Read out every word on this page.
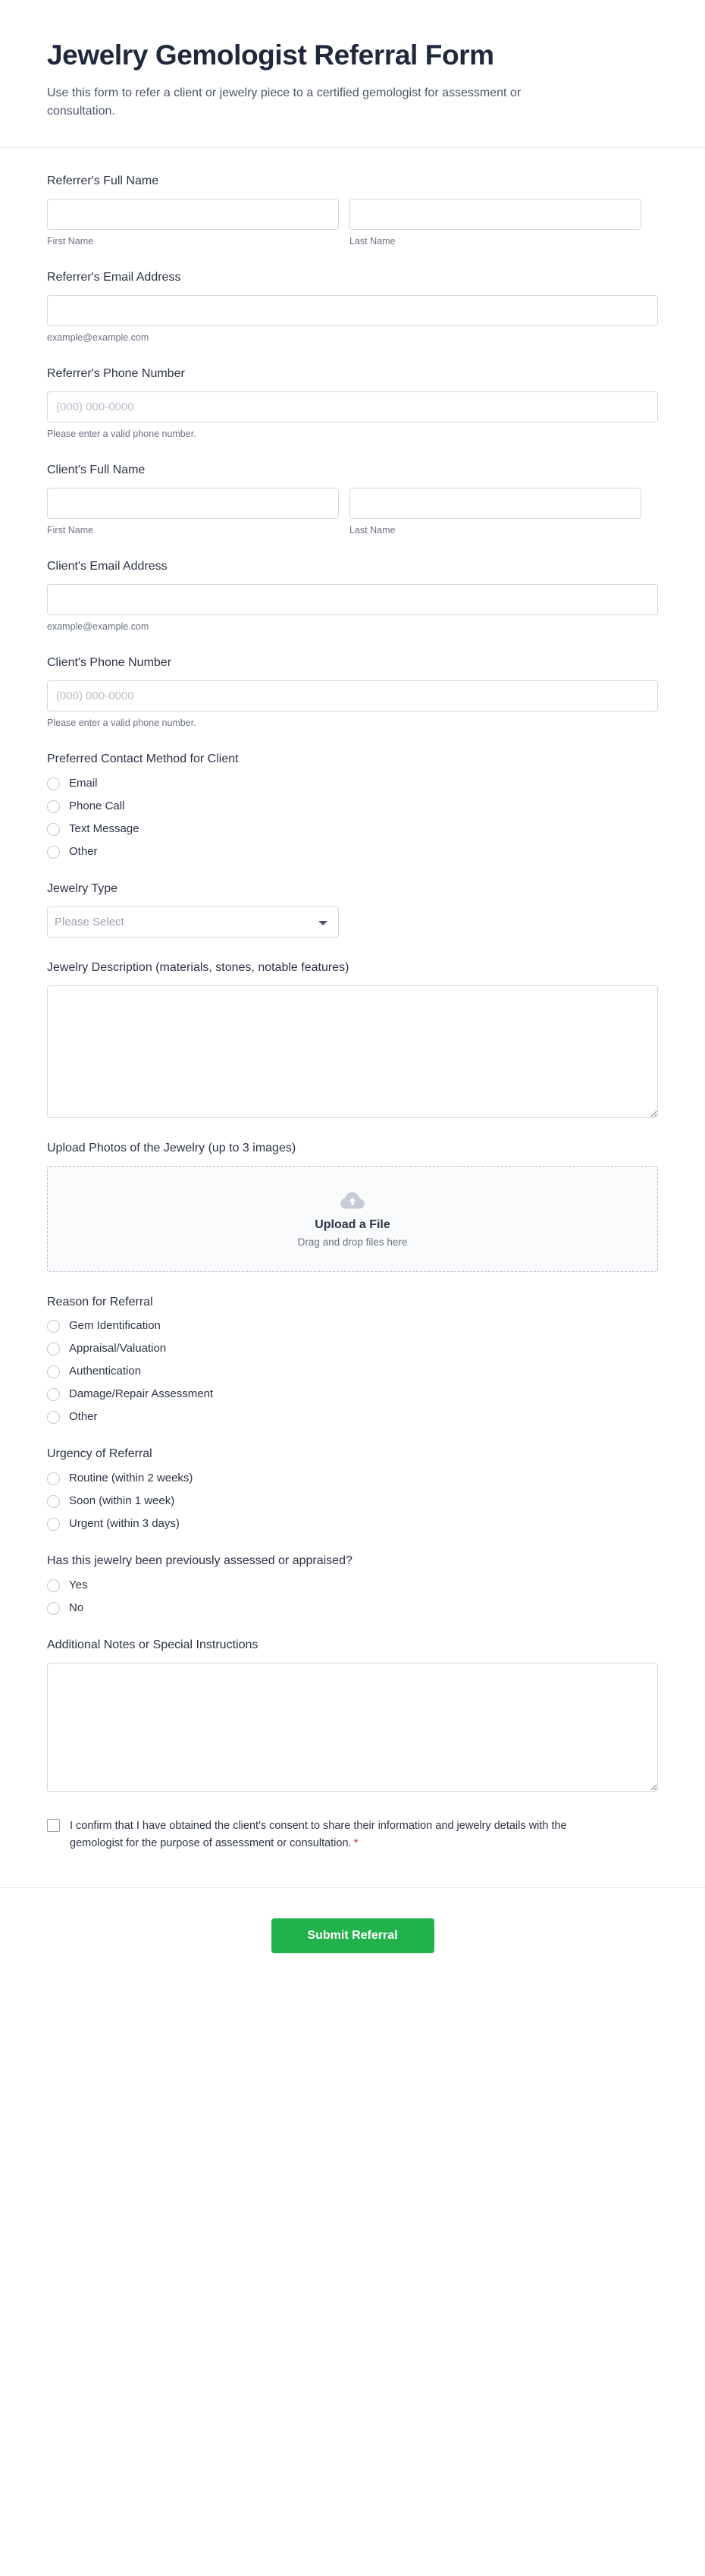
Jewelry Gemologist Referral Form

Use this form to refer a client or jewelry piece to a certified gemologist for assessment or consultation.

Referrer's Full Name
First Name	Last Name
Referrer's Email Address
example@example.com
Referrer's Phone Number
(000) 000-0000
Please enter a valid phone number.
Client's Full Name
First Name	Last Name
Client's Email Address
example@example.com
Client's Phone Number
(000) 000-0000
Please enter a valid phone number.
Preferred Contact Method for Client
Email
Phone Call
Text Message
Other
Jewelry Type
Please Select
Jewelry Description (materials, stones, notable features)
Upload Photos of the Jewelry (up to 3 images)
Upload a File
Drag and drop files here
Reason for Referral
Gem Identification
Appraisal/Valuation
Authentication
Damage/Repair Assessment
Other
Urgency of Referral
Routine (within 2 weeks)
Soon (within 1 week)
Urgent (within 3 days)
Has this jewelry been previously assessed or appraised?
Yes
No
Additional Notes or Special Instructions
I confirm that I have obtained the client's consent to share their information and jewelry details with the gemologist for the purpose of assessment or consultation. *
Submit Referral
